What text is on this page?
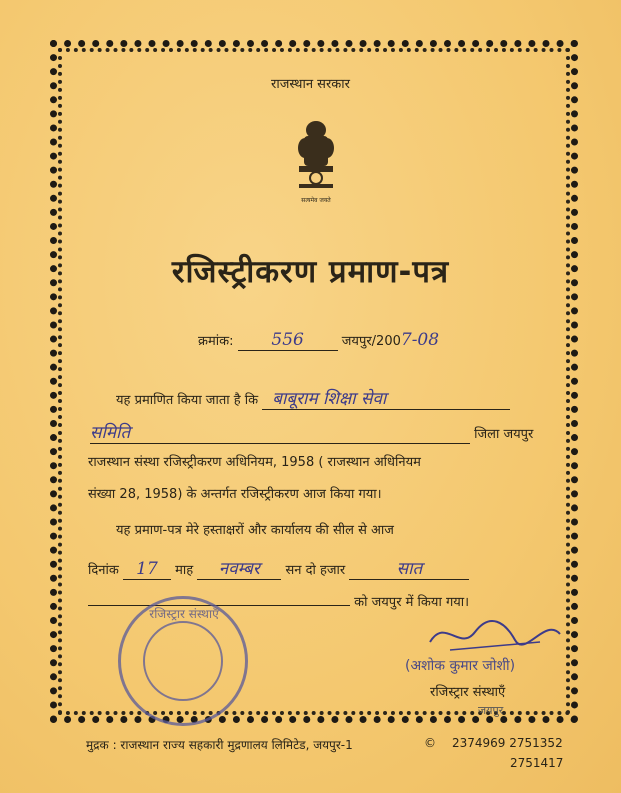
राजस्थान सरकार
सत्यमेव जयते
रजिस्ट्रीकरण प्रमाण-पत्र
क्रमांक: 556	जयपुर/2007-08
यह प्रमाणित किया जाता है कि बाबूराम शिक्षा सेवा
समिति	जिला जयपुर
राजस्थान संस्था रजिस्ट्रीकरण अधिनियम, 1958 ( राजस्थान अधिनियम
संख्या 28, 1958) के अन्तर्गत रजिस्ट्रीकरण आज किया गया।
यह प्रमाण-पत्र मेरे हस्ताक्षरों और कार्यालय की सील से आज
दिनांक 17 माह नवम्बर सन दो हजार	सात
को जयपुर में किया गया।
रजिस्ट्रार संस्थाएँ
(अशोक कुमार जोशी)
रजिस्ट्रार संस्थाएँ
जयपुर
मुद्रक : राजस्थान राज्य सहकारी मुद्रणालय लिमिटेड, जयपुर-1	© 2374969 2751352
2751417
